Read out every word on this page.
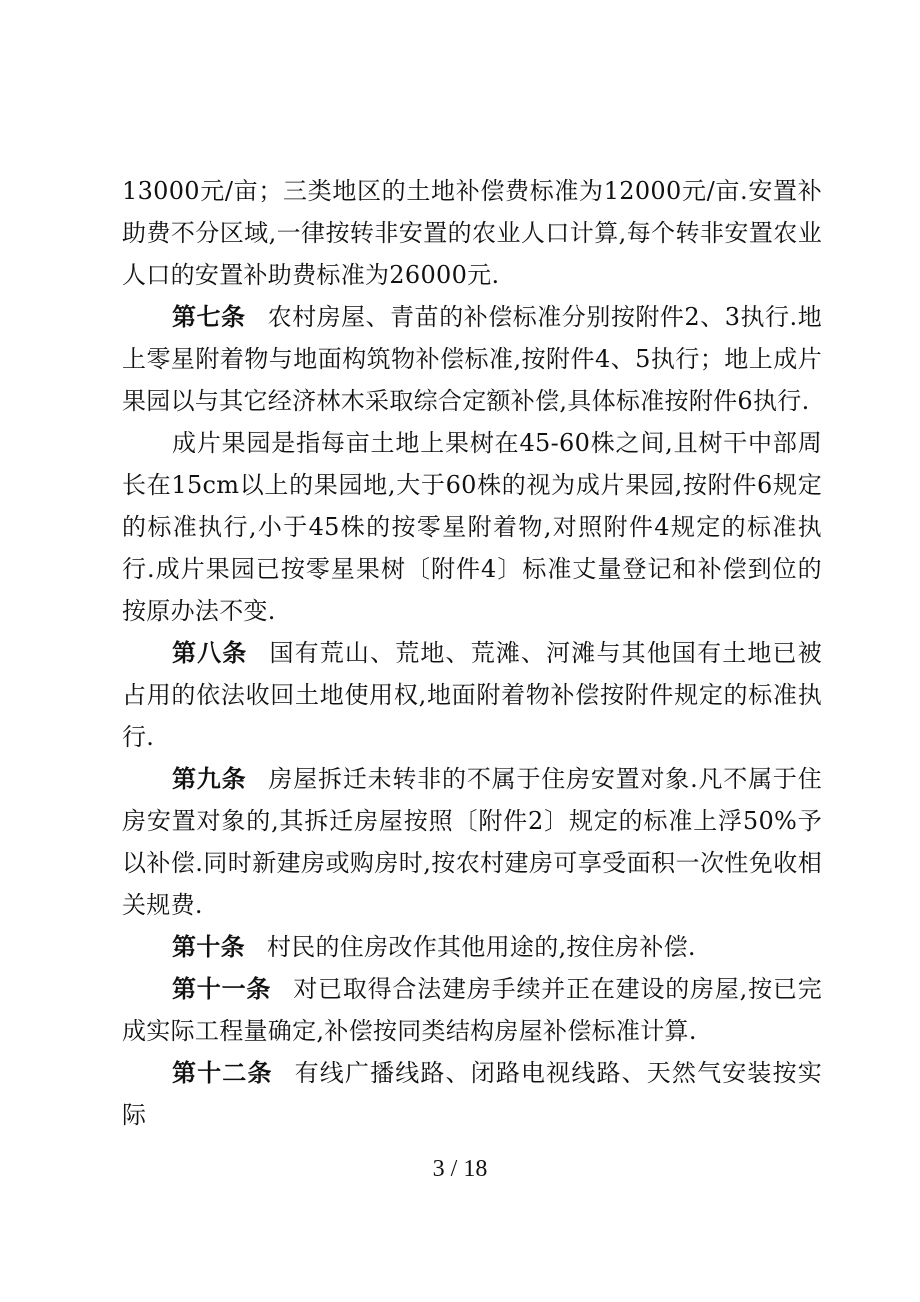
13000元/亩；三类地区的土地补偿费标准为12000元/亩.安置补助费不分区域,一律按转非安置的农业人口计算,每个转非安置农业人口的安置补助费标准为26000元.

第七条 农村房屋、青苗的补偿标准分别按附件2、3执行.地上零星附着物与地面构筑物补偿标准,按附件4、5执行；地上成片果园以与其它经济林木采取综合定额补偿,具体标准按附件6执行.

成片果园是指每亩土地上果树在45-60株之间,且树干中部周长在15cm以上的果园地,大于60株的视为成片果园,按附件6规定的标准执行,小于45株的按零星附着物,对照附件4规定的标准执行.成片果园已按零星果树〔附件4〕标准丈量登记和补偿到位的按原办法不变.

第八条 国有荒山、荒地、荒滩、河滩与其他国有土地已被占用的依法收回土地使用权,地面附着物补偿按附件规定的标准执行.

第九条 房屋拆迁未转非的不属于住房安置对象.凡不属于住房安置对象的,其拆迁房屋按照〔附件2〕规定的标准上浮50%予以补偿.同时新建房或购房时,按农村建房可享受面积一次性免收相关规费.

第十条 村民的住房改作其他用途的,按住房补偿.

第十一条 对已取得合法建房手续并正在建设的房屋,按已完成实际工程量确定,补偿按同类结构房屋补偿标准计算.

第十二条 有线广播线路、闭路电视线路、天然气安装按实际

3 / 18
